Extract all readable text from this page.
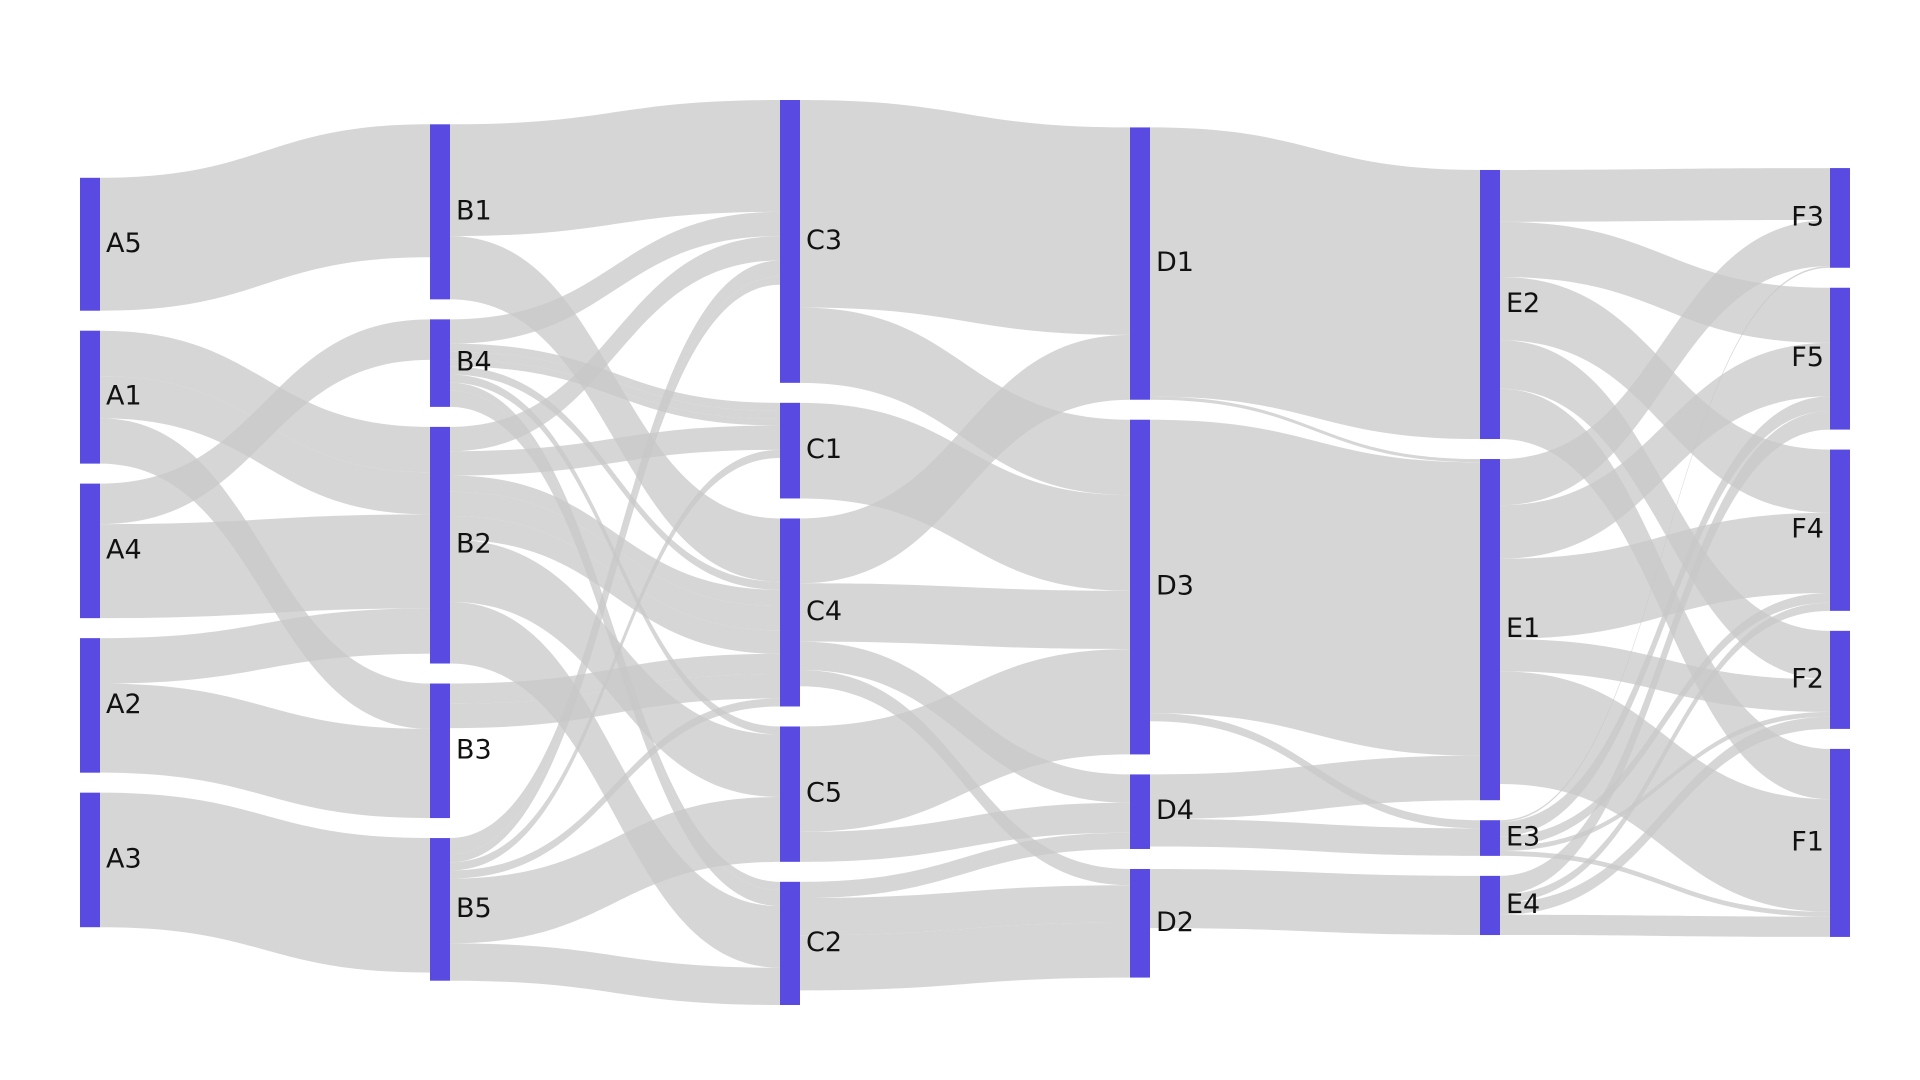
A5
A1
A4
A2
A3
B1
B4
B2
B3
B5
C3
C1
C4
C5
C2
D1
D3
D4
D2
E2
E1
E3
E4
F3
F5
F4
F2
F1
